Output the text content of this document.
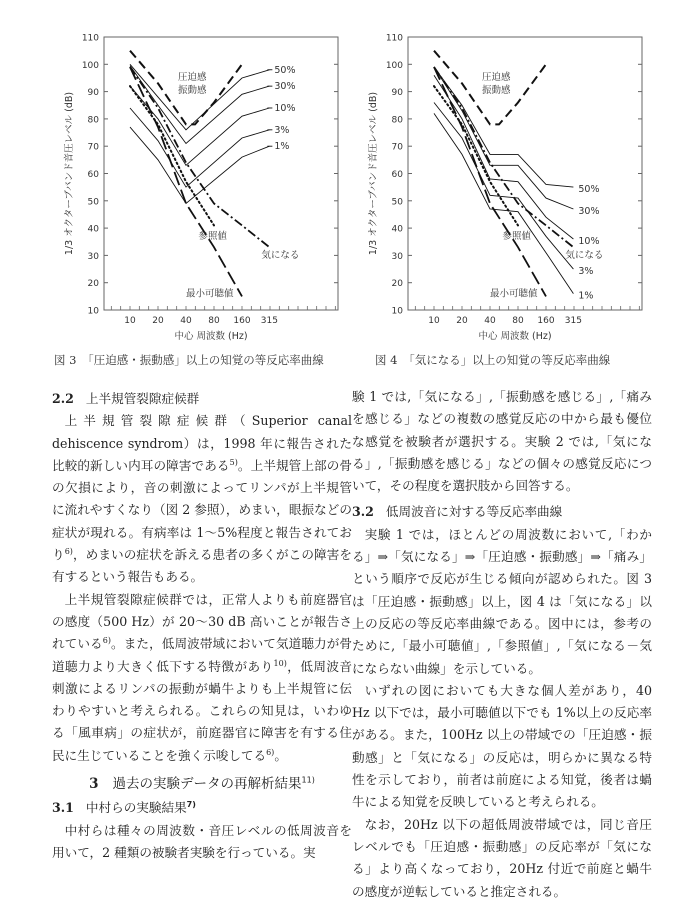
10
20
30
40
50
60
70
80
90
100
110
10 20 40 80 160 315
中心 周波数 (Hz)
1/3 オクターブバンド音圧レベル (dB)
圧迫感
振動感
50%
30%
10%
3%
1%
参照値
気になる
最小可聴値
10
20
30
40
50
60
70
80
90
100
110
10 20 40 80 160 315
中心 周波数 (Hz)
1/3 オクターブバンド音圧レベル (dB)
圧迫感
振動感
50%
30%
10%
3%
1%
参照値
気になる
最小可聴値
図 3　「圧迫感・振動感」以上の知覚の等反応率曲線	図 4　「気になる」以上の知覚の等反応率曲線
2.2 上半規管裂隙症候群

上半規管裂隙症候群（Superior canal dehiscence syndrom）は，1998 年に報告された比較的新しい内耳の障害である$^{5)}$。上半規管上部の骨の欠損により，音の刺激によってリンパが上半規管に流れやすくなり（図 2 参照），めまい，眼振などの症状が現れる。有病率は 1～5%程度と報告されており$^{6)}$，めまいの症状を訴える患者の多くがこの障害を有するという報告もある。

上半規管裂隙症候群では，正常人よりも前庭器官の感度（500 Hz）が 20～30 dB 高いことが報告されている$^{6)}$。また，低周波帯域において気道聴力が骨道聴力より大きく低下する特徴があり$^{10)}$，低周波音刺激によるリンパの振動が蝸牛よりも上半規管に伝わりやすいと考えられる。これらの知見は，いわゆる「風車病」の症状が，前庭器官に障害を有する住民に生じていることを強く示唆してる$^{6)}$。

3 過去の実験データの再解析結果$^{11)}$
3.1 中村らの実験結果$^{7)}$

中村らは種々の周波数・音圧レベルの低周波音を用いて，2 種類の被験者実験を行っている。実

験 1 では,「気になる」,「振動感を感じる」,「痛みを感じる」などの複数の感覚反応の中から最も優位な感覚を被験者が選択する。実験 2 では,「気になる」,「振動感を感じる」などの個々の感覚反応について，その程度を選択肢から回答する。

3.2 低周波音に対する等反応率曲線

実験 1 では，ほとんどの周波数において,「わかる」⇒「気になる」⇒「圧迫感・振動感」⇒「痛み」という順序で反応が生じる傾向が認められた。図 3 は「圧迫感・振動感」以上，図 4 は「気になる」以上の反応の等反応率曲線である。図中には，参考のために,「最小可聴値」,「参照値」,「気になる－気にならない曲線」を示している。

いずれの図においても大きな個人差があり，40 Hz 以下では，最小可聴値以下でも 1%以上の反応率がある。また，100Hz 以上の帯域での「圧迫感・振動感」と「気になる」の反応は，明らかに異なる特性を示しており，前者は前庭による知覚，後者は蝸牛による知覚を反映していると考えられる。

なお，20Hz 以下の超低周波帯域では，同じ音圧レベルでも「圧迫感・振動感」の反応率が「気になる」より高くなっており，20Hz 付近で前庭と蝸牛の感度が逆転していると推定される。
